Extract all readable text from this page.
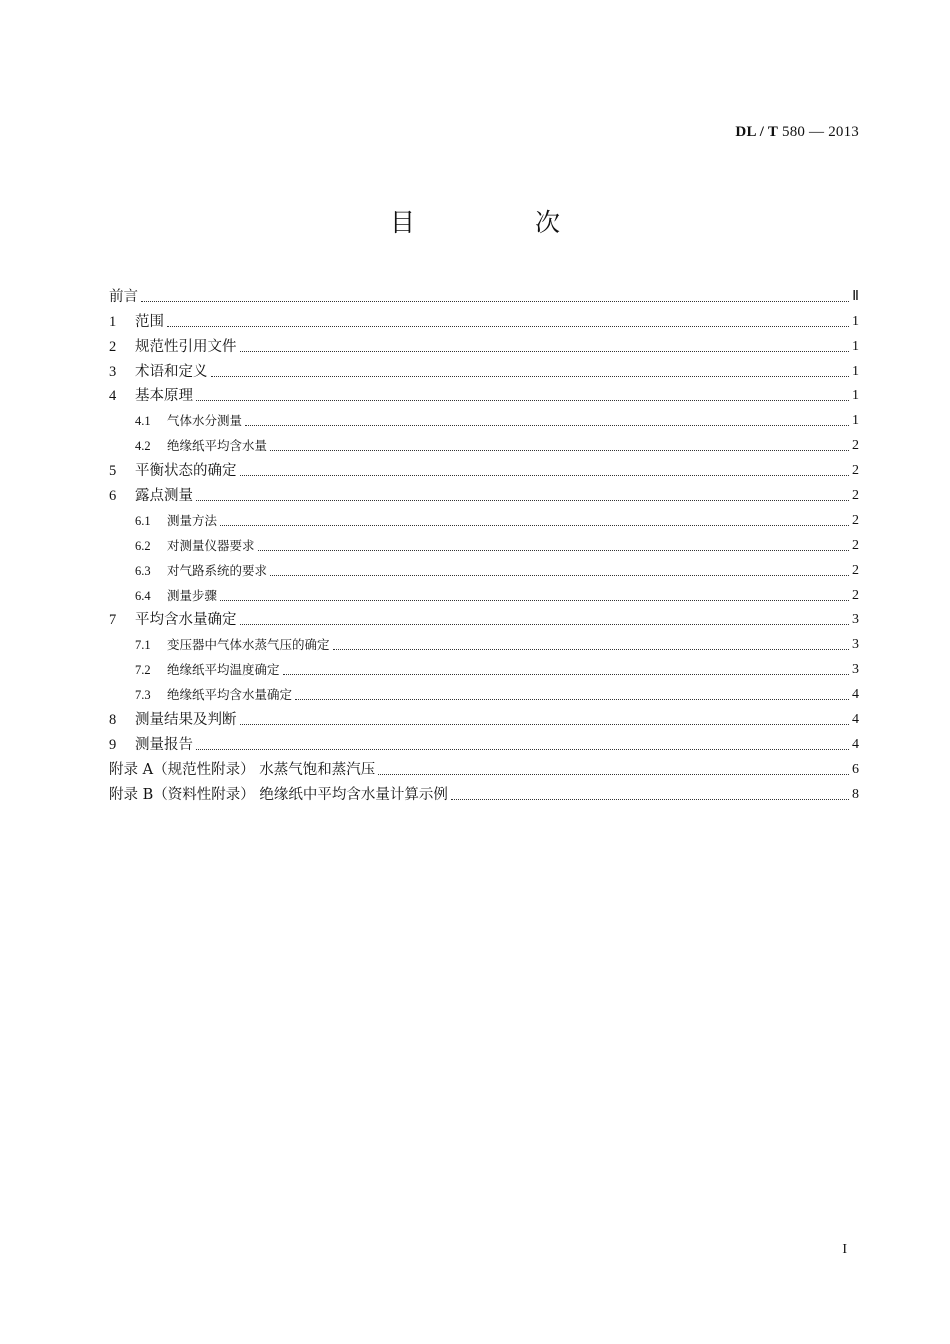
DL / T 580 — 2013
目 次
前言	Ⅱ
1	范围	1
2	规范性引用文件	1
3	术语和定义	1
4	基本原理	1
4.1	气体水分测量	1
4.2	绝缘纸平均含水量	2
5	平衡状态的确定	2
6	露点测量	2
6.1	测量方法	2
6.2	对测量仪器要求	2
6.3	对气路系统的要求	2
6.4	测量步骤	2
7	平均含水量确定	3
7.1	变压器中气体水蒸气压的确定	3
7.2	绝缘纸平均温度确定	3
7.3	绝缘纸平均含水量确定	4
8	测量结果及判断	4
9	测量报告	4
附录 A（规范性附录） 水蒸气饱和蒸汽压	6
附录 B（资料性附录） 绝缘纸中平均含水量计算示例	8
I
